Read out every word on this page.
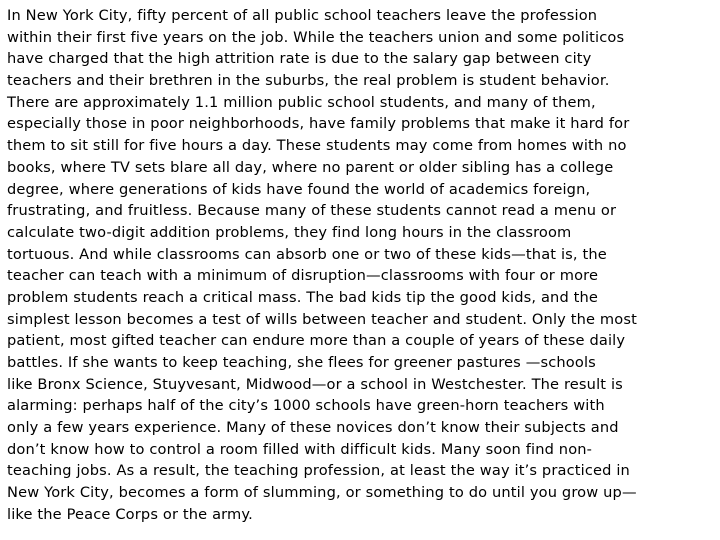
In New York City, fifty percent of all public school teachers leave the profession
within their first five years on the job. While the teachers union and some politicos
have charged that the high attrition rate is due to the salary gap between city
teachers and their brethren in the suburbs, the real problem is student behavior.
There are approximately 1.1 million public school students, and many of them,
especially those in poor neighborhoods, have family problems that make it hard for
them to sit still for five hours a day. These students may come from homes with no
books, where TV sets blare all day, where no parent or older sibling has a college
degree, where generations of kids have found the world of academics foreign,
frustrating, and fruitless. Because many of these students cannot read a menu or
calculate two-digit addition problems, they find long hours in the classroom
tortuous. And while classrooms can absorb one or two of these kids—that is, the
teacher can teach with a minimum of disruption—classrooms with four or more
problem students reach a critical mass. The bad kids tip the good kids, and the
simplest lesson becomes a test of wills between teacher and student. Only the most
patient, most gifted teacher can endure more than a couple of years of these daily
battles. If she wants to keep teaching, she flees for greener pastures —schools
like Bronx Science, Stuyvesant, Midwood—or a school in Westchester. The result is
alarming: perhaps half of the city’s 1000 schools have green-horn teachers with
only a few years experience. Many of these novices don’t know their subjects and
don’t know how to control a room filled with difficult kids. Many soon find non-
teaching jobs. As a result, the teaching profession, at least the way it’s practiced in
New York City, becomes a form of slumming, or something to do until you grow up—
like the Peace Corps or the army.
